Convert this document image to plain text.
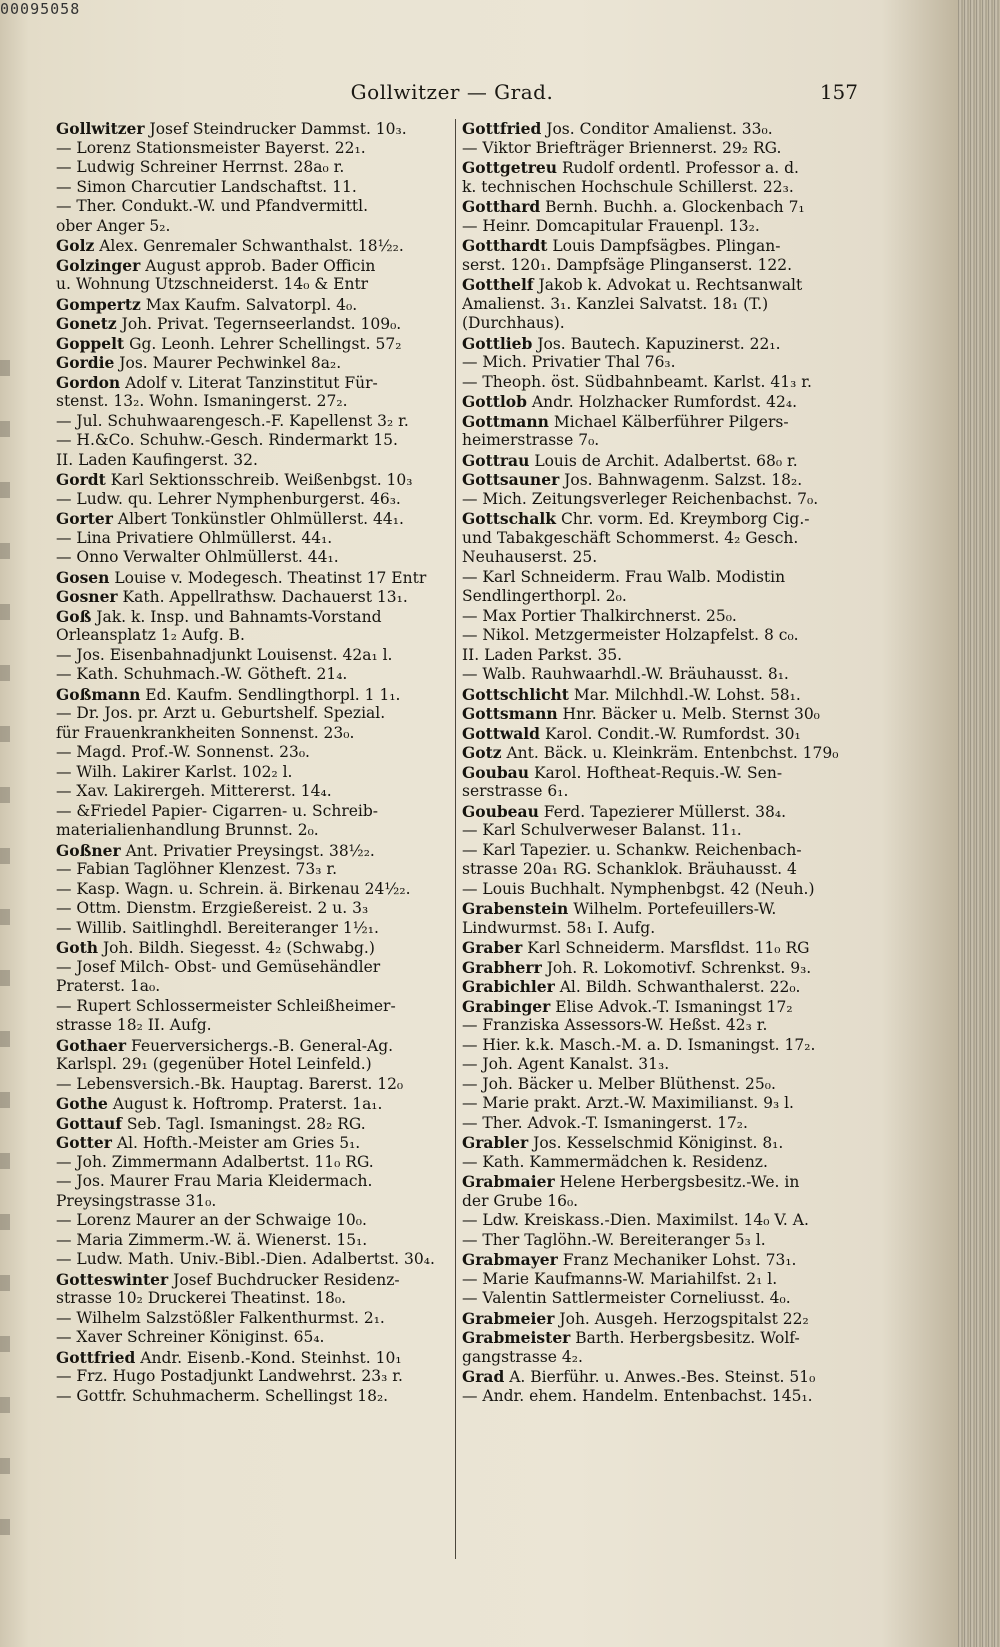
00095058
Gollwitzer — Grad.	157
Gollwitzer Josef Steindrucker Dammst. 10₃.
— Lorenz Stationsmeister Bayerst. 22₁.
— Ludwig Schreiner Herrnst. 28a₀ r.
— Simon Charcutier Landschaftst. 11.
— Ther. Condukt.-W. und Pfandvermittl.
ober Anger 5₂.
Golz Alex. Genremaler Schwanthalst. 18½₂.
Golzinger August approb. Bader Officin
u. Wohnung Utzschneiderst. 14₀ & Entr
Gompertz Max Kaufm. Salvatorpl. 4₀.
Gonetz Joh. Privat. Tegernseerlandst. 109₀.
Goppelt Gg. Leonh. Lehrer Schellingst. 57₂
Gordie Jos. Maurer Pechwinkel 8a₂.
Gordon Adolf v. Literat Tanzinstitut Für-
stenst. 13₂. Wohn. Ismaningerst. 27₂.
— Jul. Schuhwaarengesch.-F. Kapellenst 3₂ r.
— H.&Co. Schuhw.-Gesch. Rindermarkt 15.
II. Laden Kaufingerst. 32.
Gordt Karl Sektionsschreib. Weißenbgst. 10₃
— Ludw. qu. Lehrer Nymphenburgerst. 46₃.
Gorter Albert Tonkünstler Ohlmüllerst. 44₁.
— Lina Privatiere Ohlmüllerst. 44₁.
— Onno Verwalter Ohlmüllerst. 44₁.
Gosen Louise v. Modegesch. Theatinst 17 Entr
Gosner Kath. Appellrathsw. Dachauerst 13₁.
Goß Jak. k. Insp. und Bahnamts-Vorstand
Orleansplatz 1₂ Aufg. B.
— Jos. Eisenbahnadjunkt Louisenst. 42a₁ l.
— Kath. Schuhmach.-W. Götheft. 21₄.
Goßmann Ed. Kaufm. Sendlingthorpl. 1 1₁.
— Dr. Jos. pr. Arzt u. Geburtshelf. Spezial.
für Frauenkrankheiten Sonnenst. 23₀.
— Magd. Prof.-W. Sonnenst. 23₀.
— Wilh. Lakirer Karlst. 102₂ l.
— Xav. Lakirergeh. Mittererst. 14₄.
— &Friedel Papier- Cigarren- u. Schreib-
materialienhandlung Brunnst. 2₀.
Goßner Ant. Privatier Preysingst. 38½₂.
— Fabian Taglöhner Klenzest. 73₃ r.
— Kasp. Wagn. u. Schrein. ä. Birkenau 24½₂.
— Ottm. Dienstm. Erzgießereist. 2 u. 3₃
— Willib. Saitlinghdl. Bereiteranger 1½₁.
Goth Joh. Bildh. Siegesst. 4₂ (Schwabg.)
— Josef Milch- Obst- und Gemüsehändler
Praterst. 1a₀.
— Rupert Schlossermeister Schleißheimer-
strasse 18₂ II. Aufg.
Gothaer Feuerversichergs.-B. General-Ag.
Karlspl. 29₁ (gegenüber Hotel Leinfeld.)
— Lebensversich.-Bk. Hauptag. Barerst. 12₀
Gothe August k. Hoftromp. Praterst. 1a₁.
Gottauf Seb. Tagl. Ismaningst. 28₂ RG.
Gotter Al. Hofth.-Meister am Gries 5₁.
— Joh. Zimmermann Adalbertst. 11₀ RG.
— Jos. Maurer Frau Maria Kleidermach.
Preysingstrasse 31₀.
— Lorenz Maurer an der Schwaige 10₀.
— Maria Zimmerm.-W. ä. Wienerst. 15₁.
— Ludw. Math. Univ.-Bibl.-Dien. Adalbertst. 30₄.
Gotteswinter Josef Buchdrucker Residenz-
strasse 10₂ Druckerei Theatinst. 18₀.
— Wilhelm Salzstößler Falkenthurmst. 2₁.
— Xaver Schreiner Königinst. 65₄.
Gottfried Andr. Eisenb.-Kond. Steinhst. 10₁
— Frz. Hugo Postadjunkt Landwehrst. 23₃ r.
— Gottfr. Schuhmacherm. Schellingst 18₂.
Gottfried Jos. Conditor Amalienst. 33₀.
— Viktor Briefträger Briennerst. 29₂ RG.
Gottgetreu Rudolf ordentl. Professor a. d.
k. technischen Hochschule Schillerst. 22₃.
Gotthard Bernh. Buchh. a. Glockenbach 7₁
— Heinr. Domcapitular Frauenpl. 13₂.
Gotthardt Louis Dampfsägbes. Plingan-
serst. 120₁. Dampfsäge Plinganserst. 122.
Gotthelf Jakob k. Advokat u. Rechtsanwalt
Amalienst. 3₁. Kanzlei Salvatst. 18₁ (T.)
(Durchhaus).
Gottlieb Jos. Bautech. Kapuzinerst. 22₁.
— Mich. Privatier Thal 76₃.
— Theoph. öst. Südbahnbeamt. Karlst. 41₃ r.
Gottlob Andr. Holzhacker Rumfordst. 42₄.
Gottmann Michael Kälberführer Pilgers-
heimerstrasse 7₀.
Gottrau Louis de Archit. Adalbertst. 68₀ r.
Gottsauner Jos. Bahnwagenm. Salzst. 18₂.
— Mich. Zeitungsverleger Reichenbachst. 7₀.
Gottschalk Chr. vorm. Ed. Kreymborg Cig.-
und Tabakgeschäft Schommerst. 4₂ Gesch.
Neuhauserst. 25.
— Karl Schneiderm. Frau Walb. Modistin
Sendlingerthorpl. 2₀.
— Max Portier Thalkirchnerst. 25₀.
— Nikol. Metzgermeister Holzapfelst. 8 c₀.
II. Laden Parkst. 35.
— Walb. Rauhwaarhdl.-W. Bräuhausst. 8₁.
Gottschlicht Mar. Milchhdl.-W. Lohst. 58₁.
Gottsmann Hnr. Bäcker u. Melb. Sternst 30₀
Gottwald Karol. Condit.-W. Rumfordst. 30₁
Gotz Ant. Bäck. u. Kleinkräm. Entenbchst. 179₀
Goubau Karol. Hoftheat-Requis.-W. Sen-
serstrasse 6₁.
Goubeau Ferd. Tapezierer Müllerst. 38₄.
— Karl Schulverweser Balanst. 11₁.
— Karl Tapezier. u. Schankw. Reichenbach-
strasse 20a₁ RG. Schanklok. Bräuhausst. 4
— Louis Buchhalt. Nymphenbgst. 42 (Neuh.)
Grabenstein Wilhelm. Portefeuillers-W.
Lindwurmst. 58₁ I. Aufg.
Graber Karl Schneiderm. Marsfldst. 11₀ RG
Grabherr Joh. R. Lokomotivf. Schrenkst. 9₃.
Grabichler Al. Bildh. Schwanthalerst. 22₀.
Grabinger Elise Advok.-T. Ismaningst 17₂
— Franziska Assessors-W. Heßst. 42₃ r.
— Hier. k.k. Masch.-M. a. D. Ismaningst. 17₂.
— Joh. Agent Kanalst. 31₃.
— Joh. Bäcker u. Melber Blüthenst. 25₀.
— Marie prakt. Arzt.-W. Maximilianst. 9₃ l.
— Ther. Advok.-T. Ismaningerst. 17₂.
Grabler Jos. Kesselschmid Königinst. 8₁.
— Kath. Kammermädchen k. Residenz.
Grabmaier Helene Herbergsbesitz.-We. in
der Grube 16₀.
— Ldw. Kreiskass.-Dien. Maximilst. 14₀ V. A.
— Ther Taglöhn.-W. Bereiteranger 5₃ l.
Grabmayer Franz Mechaniker Lohst. 73₁.
— Marie Kaufmanns-W. Mariahilfst. 2₁ l.
— Valentin Sattlermeister Corneliusst. 4₀.
Grabmeier Joh. Ausgeh. Herzogspitalst 22₂
Grabmeister Barth. Herbergsbesitz. Wolf-
gangstrasse 4₂.
Grad A. Bierführ. u. Anwes.-Bes. Steinst. 51₀
— Andr. ehem. Handelm. Entenbachst. 145₁.
